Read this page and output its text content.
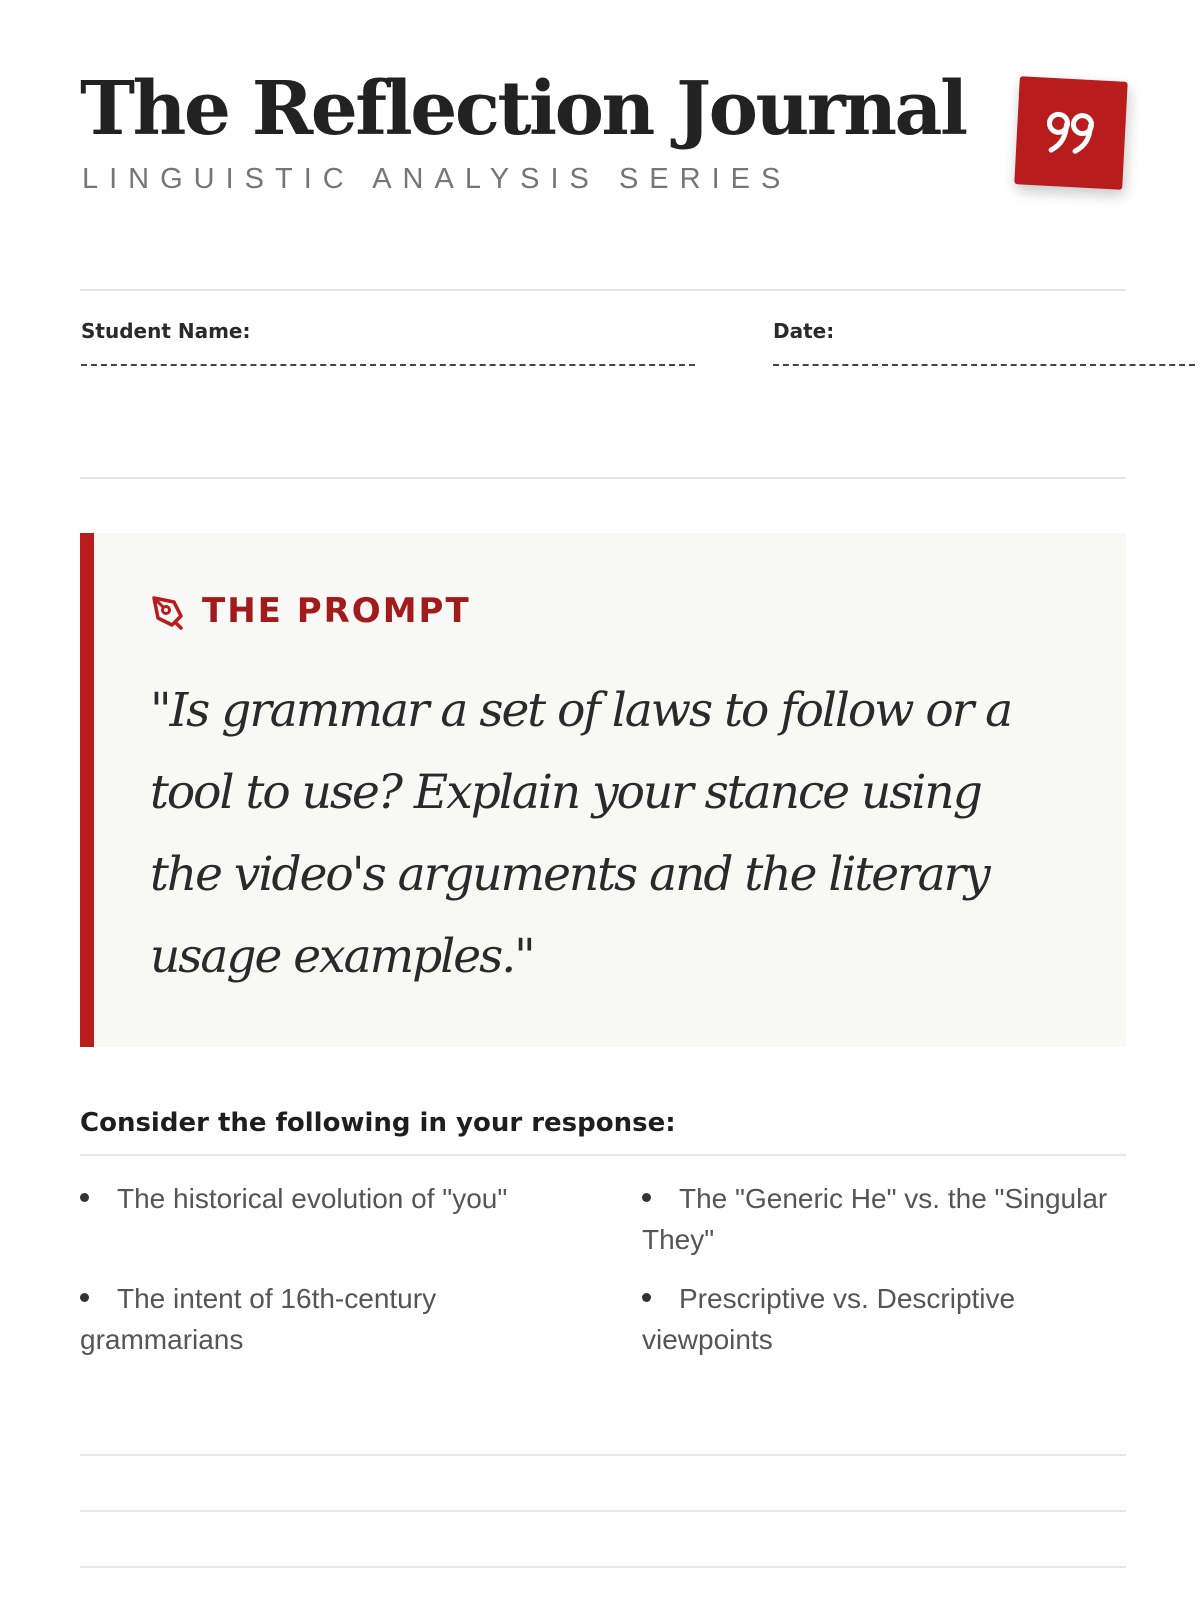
The Reflection Journal
LINGUISTIC ANALYSIS SERIES
Student Name:	Date:
THE PROMPT

"Is grammar a set of laws to follow or a tool to use? Explain your stance using the video's arguments and the literary usage examples."

Consider the following in your response:
The historical evolution of "you"	The "Generic He" vs. the "Singular They"
The intent of 16th-century grammarians
Prescriptive vs. Descriptive viewpoints
